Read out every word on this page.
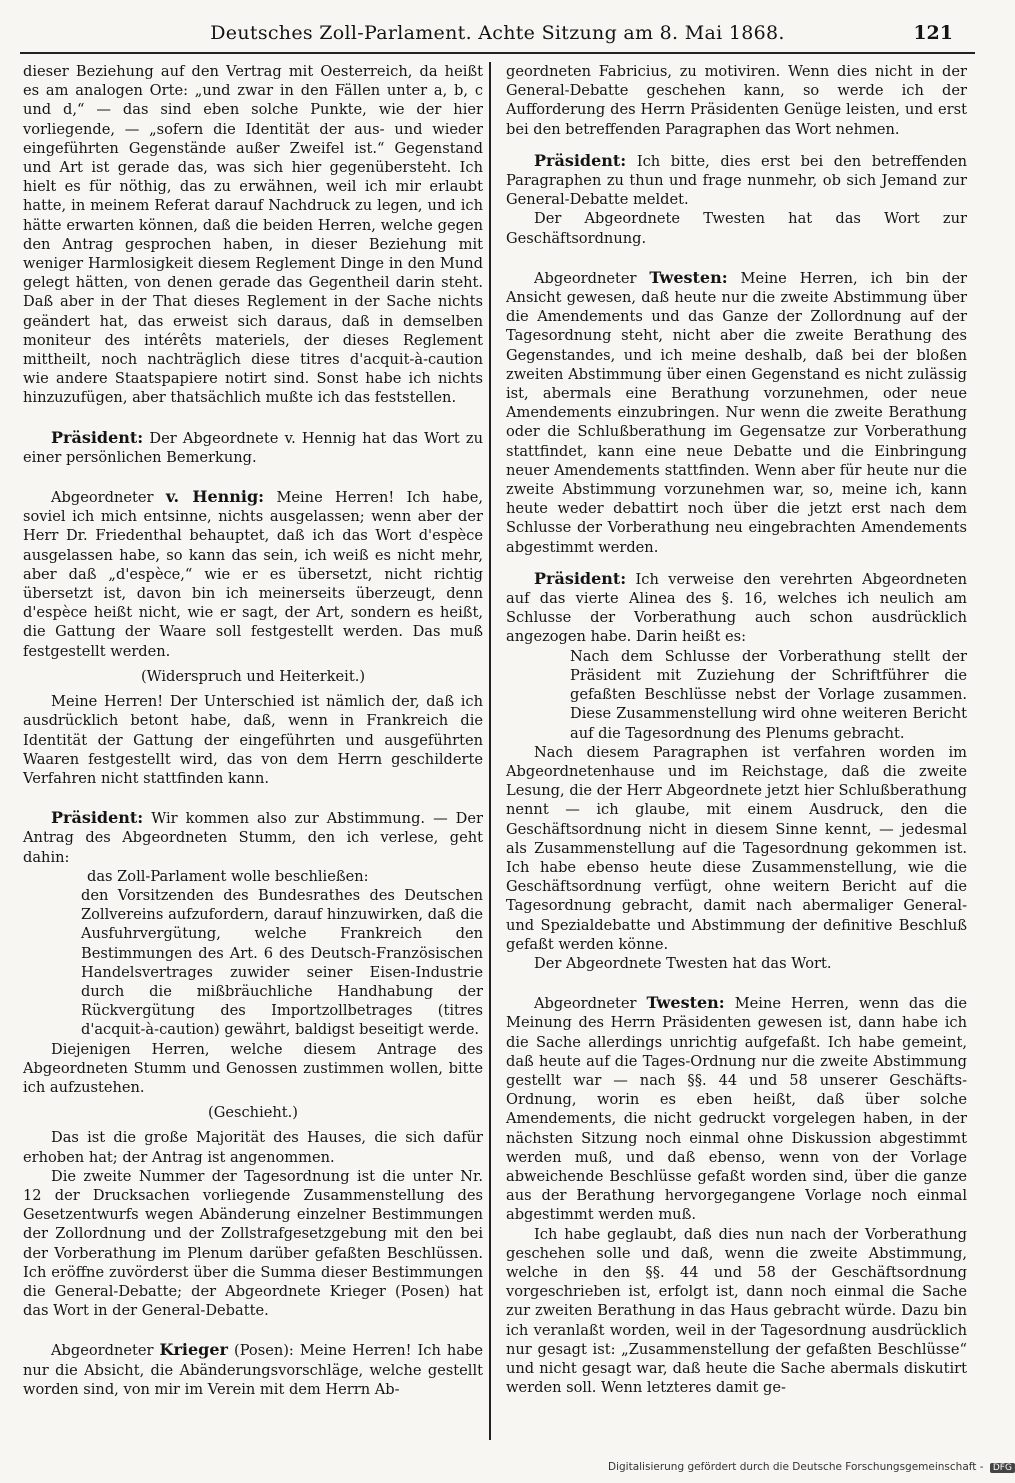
Deutsches Zoll-Parlament. Achte Sitzung am 8. Mai 1868.	121

dieser Beziehung auf den Vertrag mit Oesterreich, da heißt es am analogen Orte: „und zwar in den Fällen unter a, b, c und d,“ — das sind eben solche Punkte, wie der hier vorliegende, — „sofern die Identität der aus- und wieder eingeführten Gegenstände außer Zweifel ist.“ Gegenstand und Art ist gerade das, was sich hier gegenübersteht. Ich hielt es für nöthig, das zu erwähnen, weil ich mir erlaubt hatte, in meinem Referat darauf Nachdruck zu legen, und ich hätte erwarten können, daß die beiden Herren, welche gegen den Antrag gesprochen haben, in dieser Beziehung mit weniger Harmlosigkeit diesem Reglement Dinge in den Mund gelegt hätten, von denen gerade das Gegentheil darin steht. Daß aber in der That dieses Reglement in der Sache nichts geändert hat, das erweist sich daraus, daß in demselben moniteur des intérêts materiels, der dieses Reglement mittheilt, noch nachträglich diese titres d'acquit-à-caution wie andere Staatspapiere notirt sind. Sonst habe ich nichts hinzuzufügen, aber thatsächlich mußte ich das feststellen.

Präsident: Der Abgeordnete v. Hennig hat das Wort zu einer persönlichen Bemerkung.

Abgeordneter v. Hennig: Meine Herren! Ich habe, soviel ich mich entsinne, nichts ausgelassen; wenn aber der Herr Dr. Friedenthal behauptet, daß ich das Wort d'espèce ausgelassen habe, so kann das sein, ich weiß es nicht mehr, aber daß „d'espèce,“ wie er es übersetzt, nicht richtig übersetzt ist, davon bin ich meinerseits überzeugt, denn d'espèce heißt nicht, wie er sagt, der Art, sondern es heißt, die Gattung der Waare soll festgestellt werden. Das muß festgestellt werden.

(Widerspruch und Heiterkeit.)

Meine Herren! Der Unterschied ist nämlich der, daß ich ausdrücklich betont habe, daß, wenn in Frankreich die Identität der Gattung der eingeführten und ausgeführten Waaren festgestellt wird, das von dem Herrn geschilderte Verfahren nicht stattfinden kann.

Präsident: Wir kommen also zur Abstimmung. — Der Antrag des Abgeordneten Stumm, den ich verlese, geht dahin:

das Zoll-Parlament wolle beschließen:

den Vorsitzenden des Bundesrathes des Deutschen Zollvereins aufzufordern, darauf hinzuwirken, daß die Ausfuhrvergütung, welche Frankreich den Bestimmungen des Art. 6 des Deutsch-Französischen Handelsvertrages zuwider seiner Eisen-Industrie durch die mißbräuchliche Handhabung der Rückvergütung des Importzollbetrages (titres d'acquit-à-caution) gewährt, baldigst beseitigt werde.

Diejenigen Herren, welche diesem Antrage des Abgeordneten Stumm und Genossen zustimmen wollen, bitte ich aufzustehen.

(Geschieht.)

Das ist die große Majorität des Hauses, die sich dafür erhoben hat; der Antrag ist angenommen.

Die zweite Nummer der Tagesordnung ist die unter Nr. 12 der Drucksachen vorliegende Zusammenstellung des Gesetzentwurfs wegen Abänderung einzelner Bestimmungen der Zollordnung und der Zollstrafgesetzgebung mit den bei der Vorberathung im Plenum darüber gefaßten Beschlüssen. Ich eröffne zuvörderst über die Summa dieser Bestimmungen die General-Debatte; der Abgeordnete Krieger (Posen) hat das Wort in der General-Debatte.

Abgeordneter Krieger (Posen): Meine Herren! Ich habe nur die Absicht, die Abänderungsvorschläge, welche gestellt worden sind, von mir im Verein mit dem Herrn Ab-

geordneten Fabricius, zu motiviren. Wenn dies nicht in der General-Debatte geschehen kann, so werde ich der Aufforderung des Herrn Präsidenten Genüge leisten, und erst bei den betreffenden Paragraphen das Wort nehmen.

Präsident: Ich bitte, dies erst bei den betreffenden Paragraphen zu thun und frage nunmehr, ob sich Jemand zur General-Debatte meldet.

Der Abgeordnete Twesten hat das Wort zur Geschäftsordnung.

Abgeordneter Twesten: Meine Herren, ich bin der Ansicht gewesen, daß heute nur die zweite Abstimmung über die Amendements und das Ganze der Zollordnung auf der Tagesordnung steht, nicht aber die zweite Berathung des Gegenstandes, und ich meine deshalb, daß bei der bloßen zweiten Abstimmung über einen Gegenstand es nicht zulässig ist, abermals eine Berathung vorzunehmen, oder neue Amendements einzubringen. Nur wenn die zweite Berathung oder die Schlußberathung im Gegensatze zur Vorberathung stattfindet, kann eine neue Debatte und die Einbringung neuer Amendements stattfinden. Wenn aber für heute nur die zweite Abstimmung vorzunehmen war, so, meine ich, kann heute weder debattirt noch über die jetzt erst nach dem Schlusse der Vorberathung neu eingebrachten Amendements abgestimmt werden.

Präsident: Ich verweise den verehrten Abgeordneten auf das vierte Alinea des §. 16, welches ich neulich am Schlusse der Vorberathung auch schon ausdrücklich angezogen habe. Darin heißt es:

Nach dem Schlusse der Vorberathung stellt der Präsident mit Zuziehung der Schriftführer die gefaßten Beschlüsse nebst der Vorlage zusammen. Diese Zusammenstellung wird ohne weiteren Bericht auf die Tagesordnung des Plenums gebracht.

Nach diesem Paragraphen ist verfahren worden im Abgeordnetenhause und im Reichstage, daß die zweite Lesung, die der Herr Abgeordnete jetzt hier Schlußberathung nennt — ich glaube, mit einem Ausdruck, den die Geschäftsordnung nicht in diesem Sinne kennt, — jedesmal als Zusammenstellung auf die Tagesordnung gekommen ist. Ich habe ebenso heute diese Zusammenstellung, wie die Geschäftsordnung verfügt, ohne weitern Bericht auf die Tagesordnung gebracht, damit nach abermaliger General- und Spezialdebatte und Abstimmung der definitive Beschluß gefaßt werden könne.

Der Abgeordnete Twesten hat das Wort.

Abgeordneter Twesten: Meine Herren, wenn das die Meinung des Herrn Präsidenten gewesen ist, dann habe ich die Sache allerdings unrichtig aufgefaßt. Ich habe gemeint, daß heute auf die Tages-Ordnung nur die zweite Abstimmung gestellt war — nach §§. 44 und 58 unserer Geschäfts-Ordnung, worin es eben heißt, daß über solche Amendements, die nicht gedruckt vorgelegen haben, in der nächsten Sitzung noch einmal ohne Diskussion abgestimmt werden muß, und daß ebenso, wenn von der Vorlage abweichende Beschlüsse gefaßt worden sind, über die ganze aus der Berathung hervorgegangene Vorlage noch einmal abgestimmt werden muß.

Ich habe geglaubt, daß dies nun nach der Vorberathung geschehen solle und daß, wenn die zweite Abstimmung, welche in den §§. 44 und 58 der Geschäftsordnung vorgeschrieben ist, erfolgt ist, dann noch einmal die Sache zur zweiten Berathung in das Haus gebracht würde. Dazu bin ich veranlaßt worden, weil in der Tagesordnung ausdrücklich nur gesagt ist: „Zusammenstellung der gefaßten Beschlüsse“ und nicht gesagt war, daß heute die Sache abermals diskutirt werden soll. Wenn letzteres damit ge-

Digitalisierung gefördert durch die Deutsche Forschungsgemeinschaft - DFG
